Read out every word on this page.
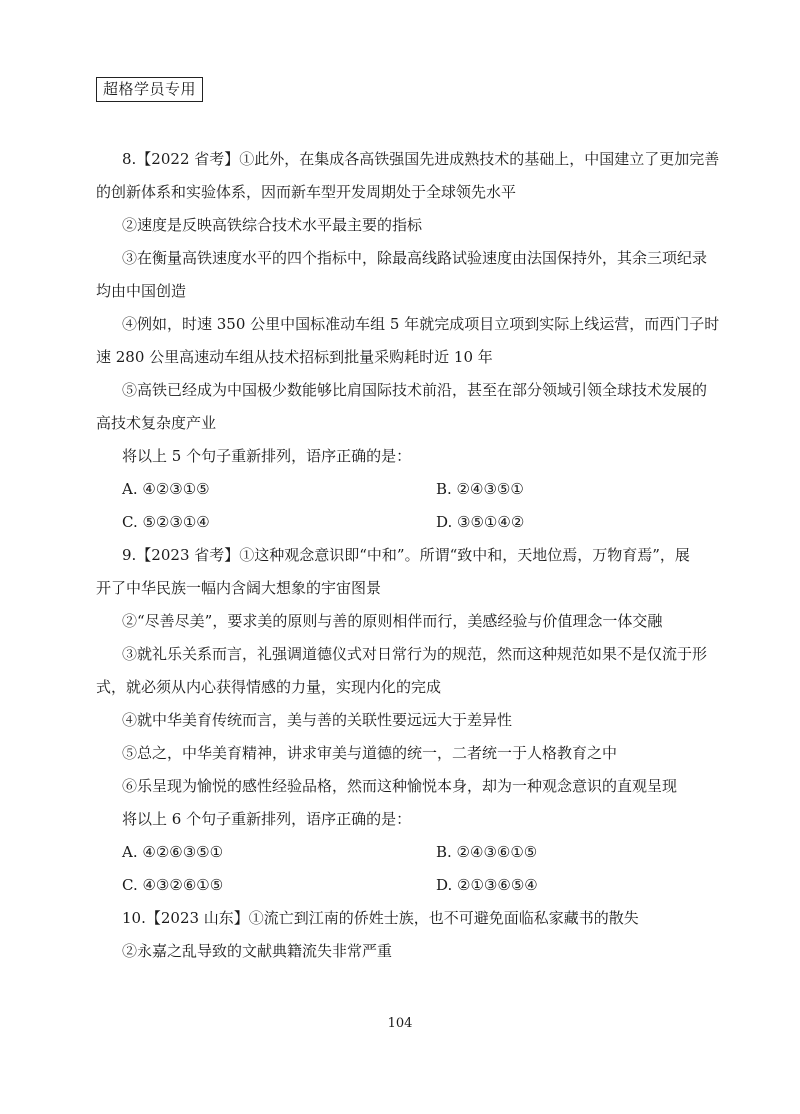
超格学员专用
8.【2022 省考】①此外，在集成各高铁强国先进成熟技术的基础上，中国建立了更加完善
的创新体系和实验体系，因而新车型开发周期处于全球领先水平
②速度是反映高铁综合技术水平最主要的指标
③在衡量高铁速度水平的四个指标中，除最高线路试验速度由法国保持外，其余三项纪录
均由中国创造
④例如，时速 350 公里中国标准动车组 5 年就完成项目立项到实际上线运营，而西门子时
速 280 公里高速动车组从技术招标到批量采购耗时近 10 年
⑤高铁已经成为中国极少数能够比肩国际技术前沿，甚至在部分领域引领全球技术发展的
高技术复杂度产业
将以上 5 个句子重新排列，语序正确的是：
A. ④②③①⑤	B. ②④③⑤①
C. ⑤②③①④	D. ③⑤①④②
9.【2023 省考】①这种观念意识即“中和”。所谓“致中和，天地位焉，万物育焉”，展
开了中华民族一幅内含阔大想象的宇宙图景
②“尽善尽美”，要求美的原则与善的原则相伴而行，美感经验与价值理念一体交融
③就礼乐关系而言，礼强调道德仪式对日常行为的规范，然而这种规范如果不是仅流于形
式，就必须从内心获得情感的力量，实现内化的完成
④就中华美育传统而言，美与善的关联性要远远大于差异性
⑤总之，中华美育精神，讲求审美与道德的统一，二者统一于人格教育之中
⑥乐呈现为愉悦的感性经验品格，然而这种愉悦本身，却为一种观念意识的直观呈现
将以上 6 个句子重新排列，语序正确的是：
A. ④②⑥③⑤①	B. ②④③⑥①⑤
C. ④③②⑥①⑤	D. ②①③⑥⑤④
10.【2023 山东】①流亡到江南的侨姓士族，也不可避免面临私家藏书的散失
②永嘉之乱导致的文献典籍流失非常严重
104
